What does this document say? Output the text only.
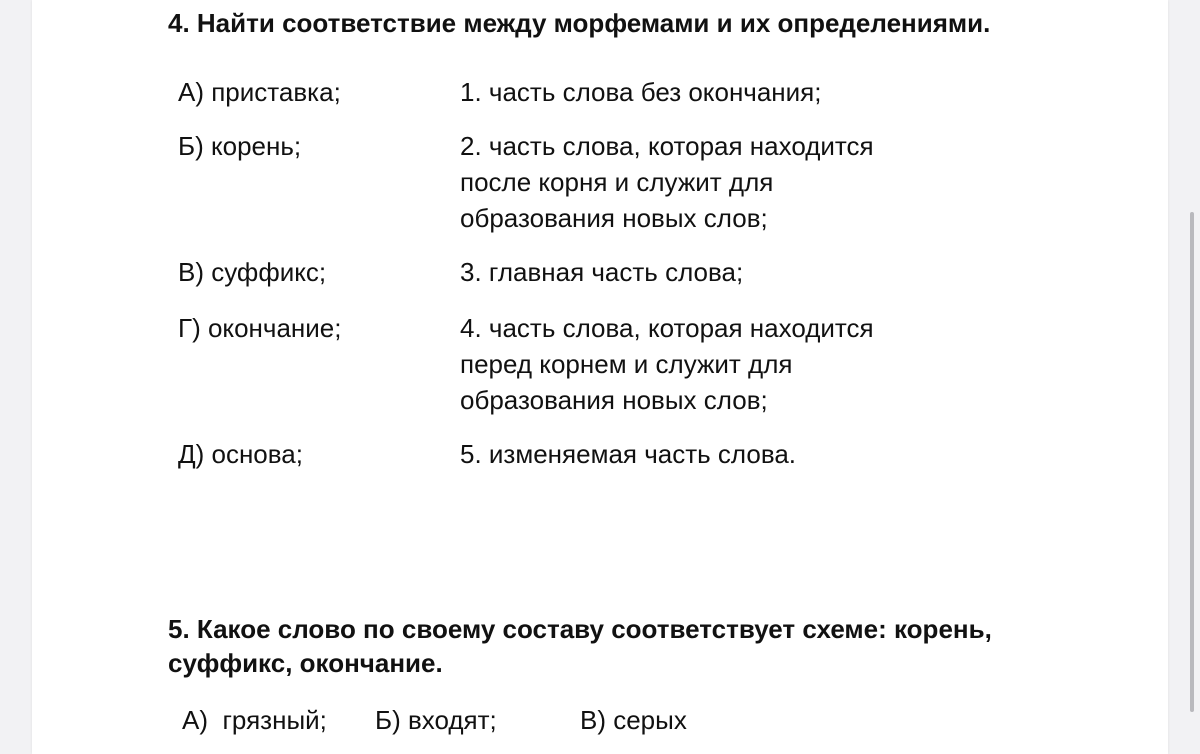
4. Найти соответствие между морфемами и их определениями.
А) приставка;
Б) корень;
В) суффикс;
Г) окончание;
Д) основа;
1. часть слова без окончания;
2. часть слова, которая находится
после корня и служит для
образования новых слов;
3. главная часть слова;
4. часть слова, которая находится
перед корнем и служит для
образования новых слов;
5. изменяемая часть слова.
5. Какое слово по своему составу соответствует схеме: корень,
суффикс, окончание.
А)  грязный; Б) входят;	В) серых
